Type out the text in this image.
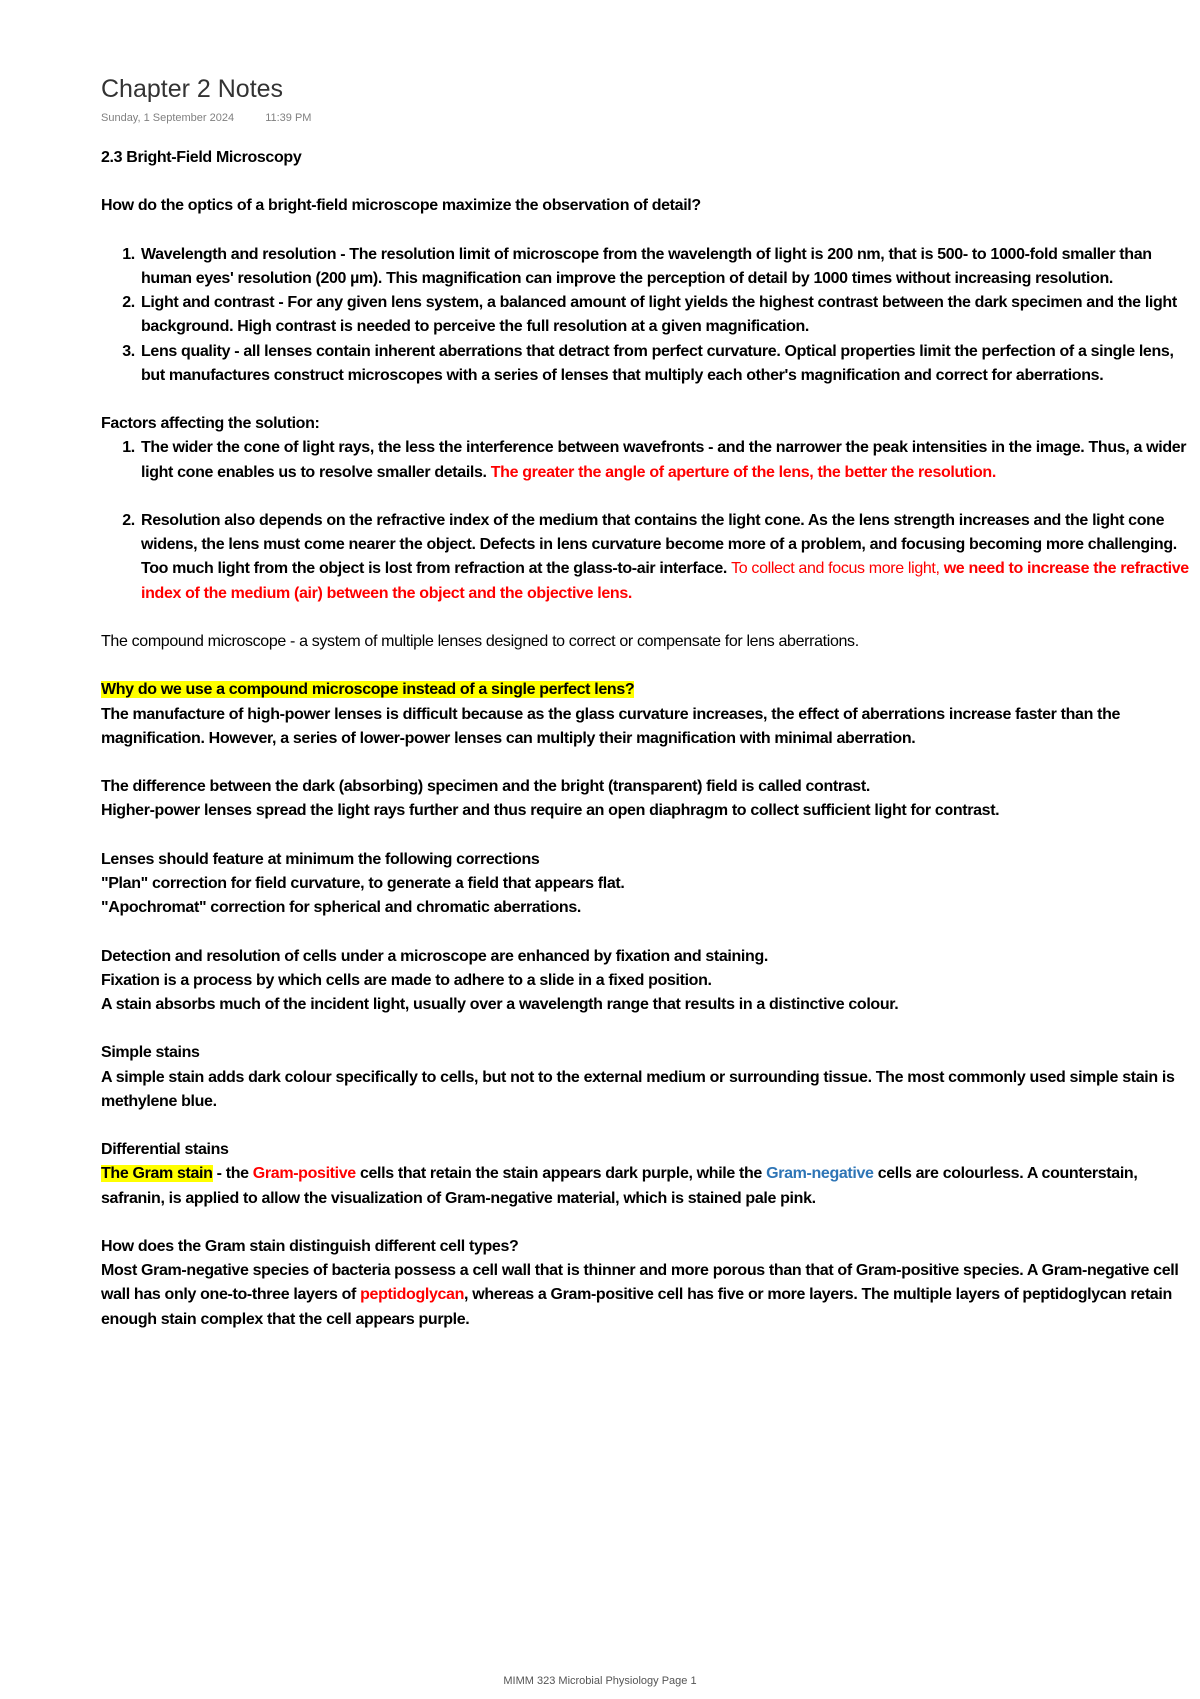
Chapter 2 Notes
Sunday, 1 September 2024	11:39 PM

2.3 Bright-Field Microscopy

How do the optics of a bright-field microscope maximize the observation of detail?

1. Wavelength and resolution - The resolution limit of microscope from the wavelength of light is 200 nm, that is 500- to 1000-fold smaller than human eyes' resolution (200 µm). This magnification can improve the perception of detail by 1000 times without increasing resolution.
2. Light and contrast - For any given lens system, a balanced amount of light yields the highest contrast between the dark specimen and the light background. High contrast is needed to perceive the full resolution at a given magnification.
3. Lens quality - all lenses contain inherent aberrations that detract from perfect curvature. Optical properties limit the perfection of a single lens, but manufactures construct microscopes with a series of lenses that multiply each other's magnification and correct for aberrations.

Factors affecting the solution:

1. The wider the cone of light rays, the less the interference between wavefronts - and the narrower the peak intensities in the image. Thus, a wider light cone enables us to resolve smaller details. The greater the angle of aperture of the lens, the better the resolution.
2. Resolution also depends on the refractive index of the medium that contains the light cone. As the lens strength increases and the light cone widens, the lens must come nearer the object. Defects in lens curvature become more of a problem, and focusing becoming more challenging. Too much light from the object is lost from refraction at the glass-to-air interface. To collect and focus more light, we need to increase the refractive index of the medium (air) between the object and the objective lens.

The compound microscope - a system of multiple lenses designed to correct or compensate for lens aberrations.

Why do we use a compound microscope instead of a single perfect lens?

The manufacture of high-power lenses is difficult because as the glass curvature increases, the effect of aberrations increase faster than the magnification. However, a series of lower-power lenses can multiply their magnification with minimal aberration.

The difference between the dark (absorbing) specimen and the bright (transparent) field is called contrast.

Higher-power lenses spread the light rays further and thus require an open diaphragm to collect sufficient light for contrast.

Lenses should feature at minimum the following corrections

"Plan" correction for field curvature, to generate a field that appears flat.

"Apochromat" correction for spherical and chromatic aberrations.

Detection and resolution of cells under a microscope are enhanced by fixation and staining.

Fixation is a process by which cells are made to adhere to a slide in a fixed position.

A stain absorbs much of the incident light, usually over a wavelength range that results in a distinctive colour.

Simple stains

A simple stain adds dark colour specifically to cells, but not to the external medium or surrounding tissue. The most commonly used simple stain is methylene blue.

Differential stains

The Gram stain - the Gram-positive cells that retain the stain appears dark purple, while the Gram-negative cells are colourless. A counterstain, safranin, is applied to allow the visualization of Gram-negative material, which is stained pale pink.

How does the Gram stain distinguish different cell types?

Most Gram-negative species of bacteria possess a cell wall that is thinner and more porous than that of Gram-positive species. A Gram-negative cell wall has only one-to-three layers of peptidoglycan, whereas a Gram-positive cell has five or more layers. The multiple layers of peptidoglycan retain enough stain complex that the cell appears purple.

MIMM 323 Microbial Physiology Page 1
